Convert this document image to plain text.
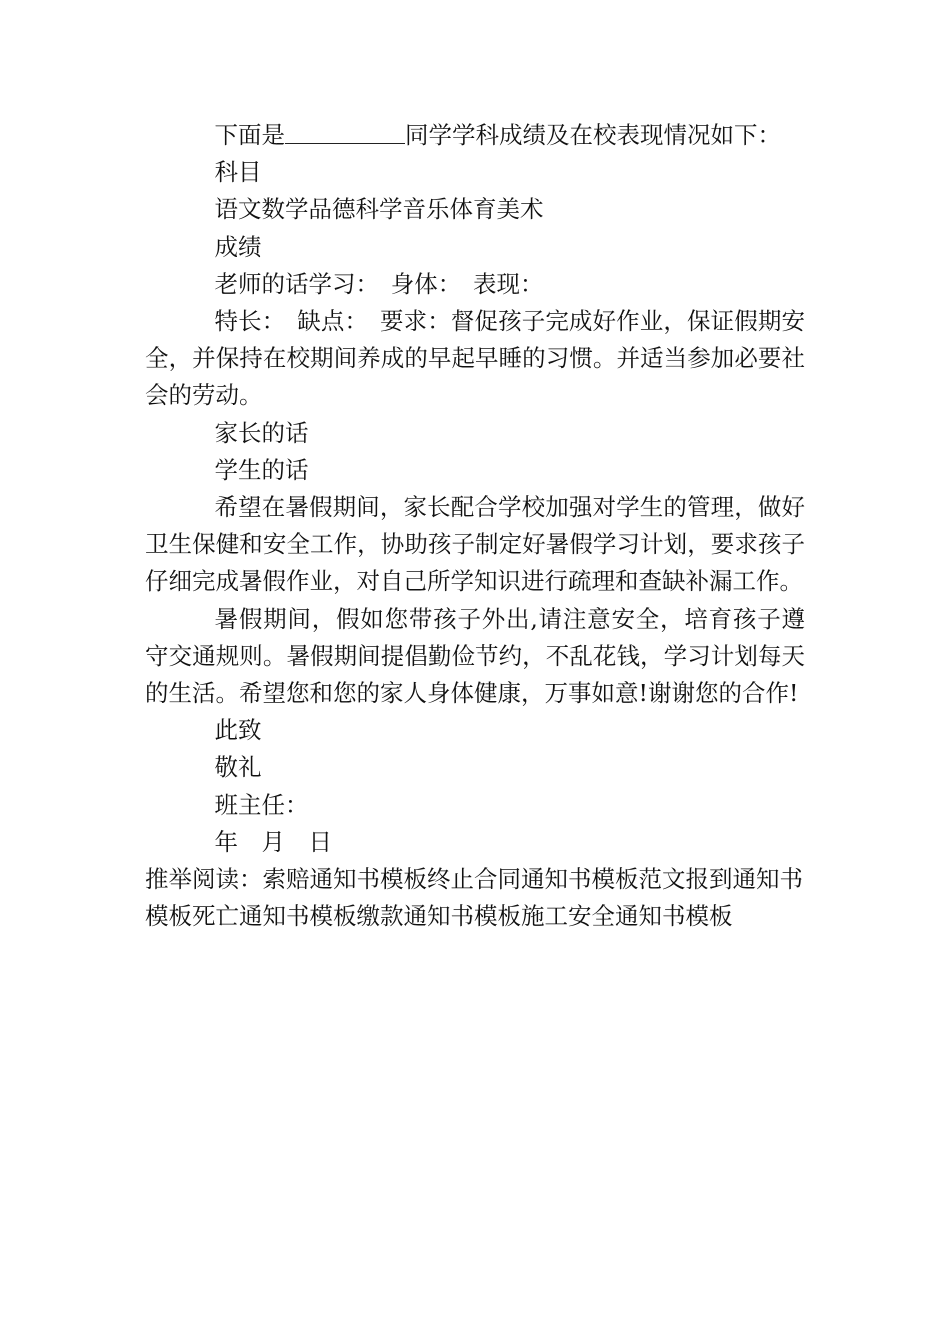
下面是	同学学科成绩及在校表现情况如下：

科目

语文数学品德科学音乐体育美术

成绩

老师的话学习：　身体：　表现：

特长：　缺点：　要求：督促孩子完成好作业，保证假期安全，并保持在校期间养成的早起早睡的习惯。并适当参加必要社会的劳动。

家长的话

学生的话

希望在暑假期间，家长配合学校加强对学生的管理，做好卫生保健和安全工作，协助孩子制定好暑假学习计划，要求孩子仔细完成暑假作业，对自己所学知识进行疏理和查缺补漏工作。

暑假期间，假如您带孩子外出,请注意安全，培育孩子遵守交通规则。暑假期间提倡勤俭节约，不乱花钱，学习计划每天的生活。希望您和您的家人身体健康，万事如意!谢谢您的合作!

此致

敬礼

班主任：

年　月　日

推举阅读：索赔通知书模板终止合同通知书模板范文报到通知书模板死亡通知书模板缴款通知书模板施工安全通知书模板
